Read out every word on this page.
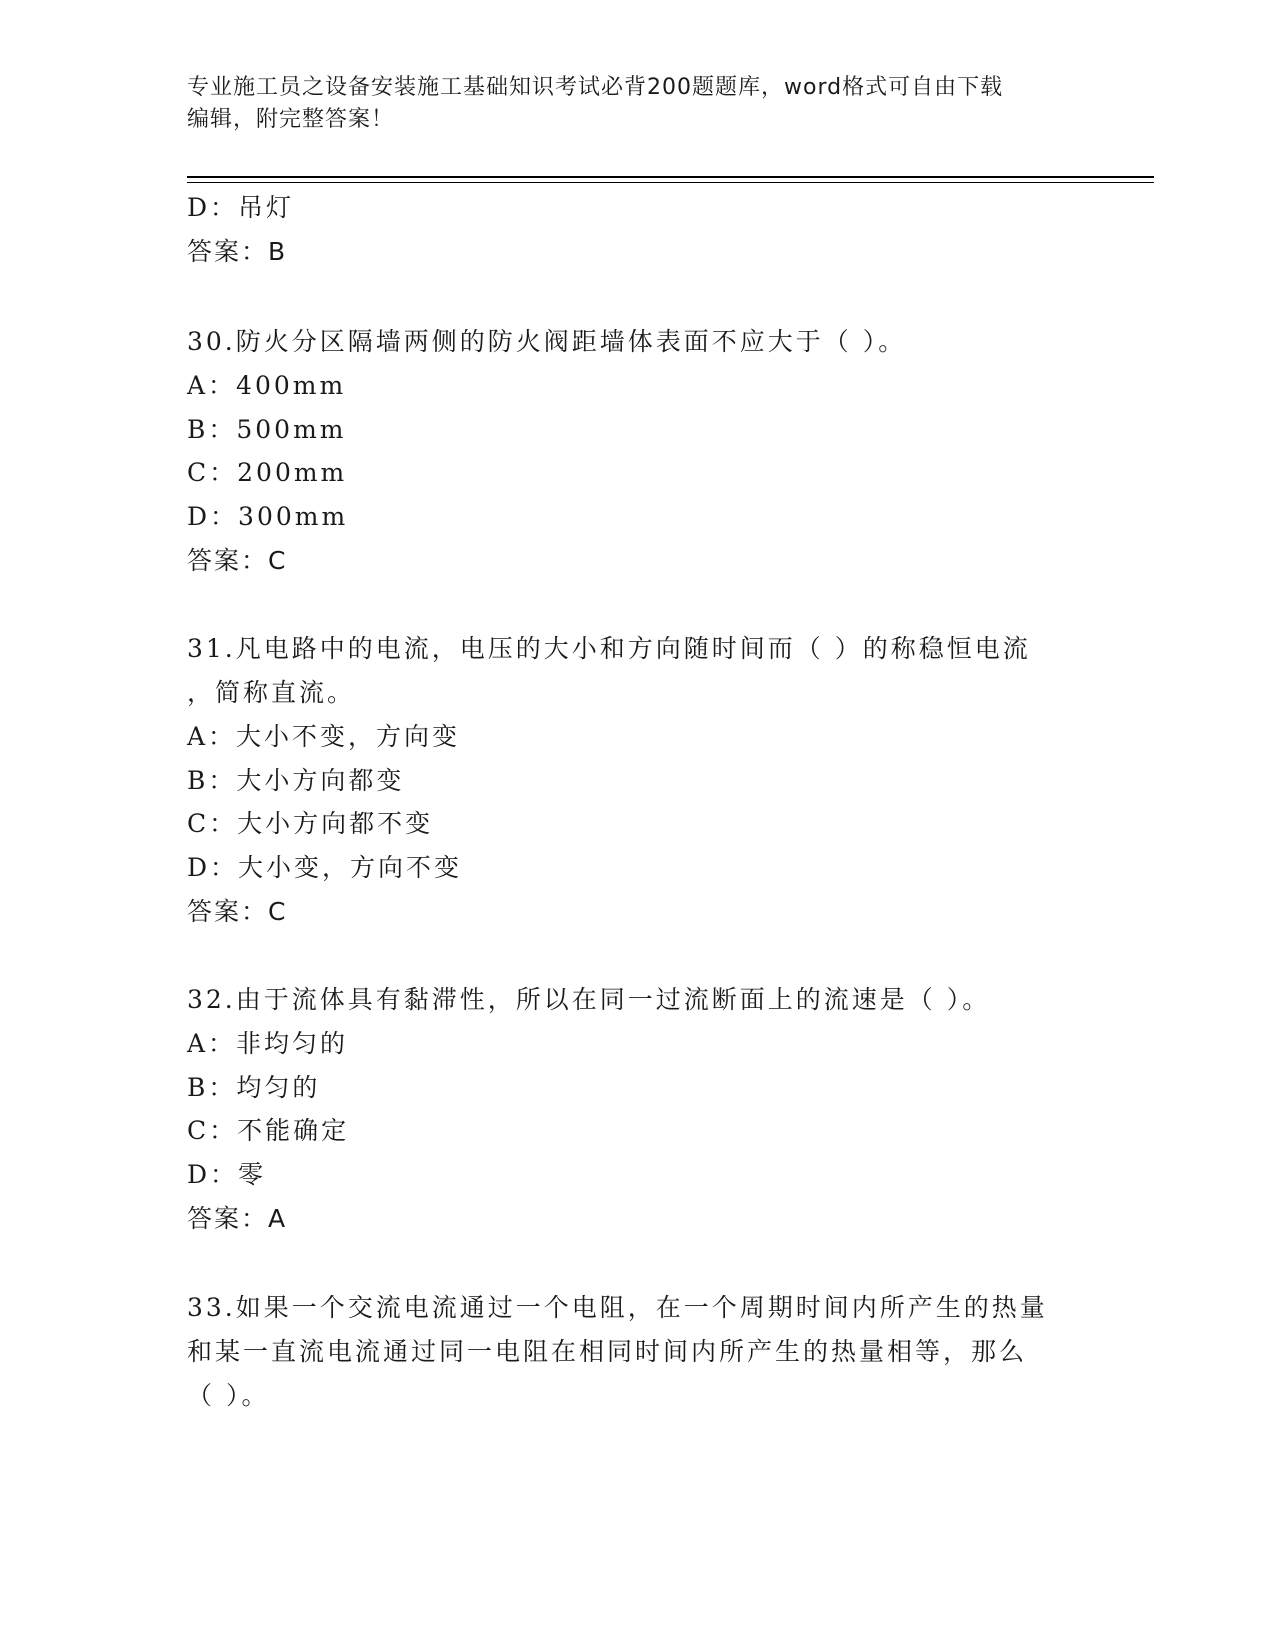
专业施工员之设备安装施工基础知识考试必背200题题库，word格式可自由下载
编辑，附完整答案！
D：吊灯
答案：B
30.防火分区隔墙两侧的防火阀距墙体表面不应大于（ ）。
A：400mm
B：500mm
C：200mm
D：300mm
答案：C
31.凡电路中的电流，电压的大小和方向随时间而（ ）的称稳恒电流
，简称直流。
A：大小不变，方向变
B：大小方向都变
C：大小方向都不变
D：大小变，方向不变
答案：C
32.由于流体具有黏滞性，所以在同一过流断面上的流速是（ ）。
A：非均匀的
B：均匀的
C：不能确定
D：零
答案：A
33.如果一个交流电流通过一个电阻，在一个周期时间内所产生的热量
和某一直流电流通过同一电阻在相同时间内所产生的热量相等，那么
（ ）。
